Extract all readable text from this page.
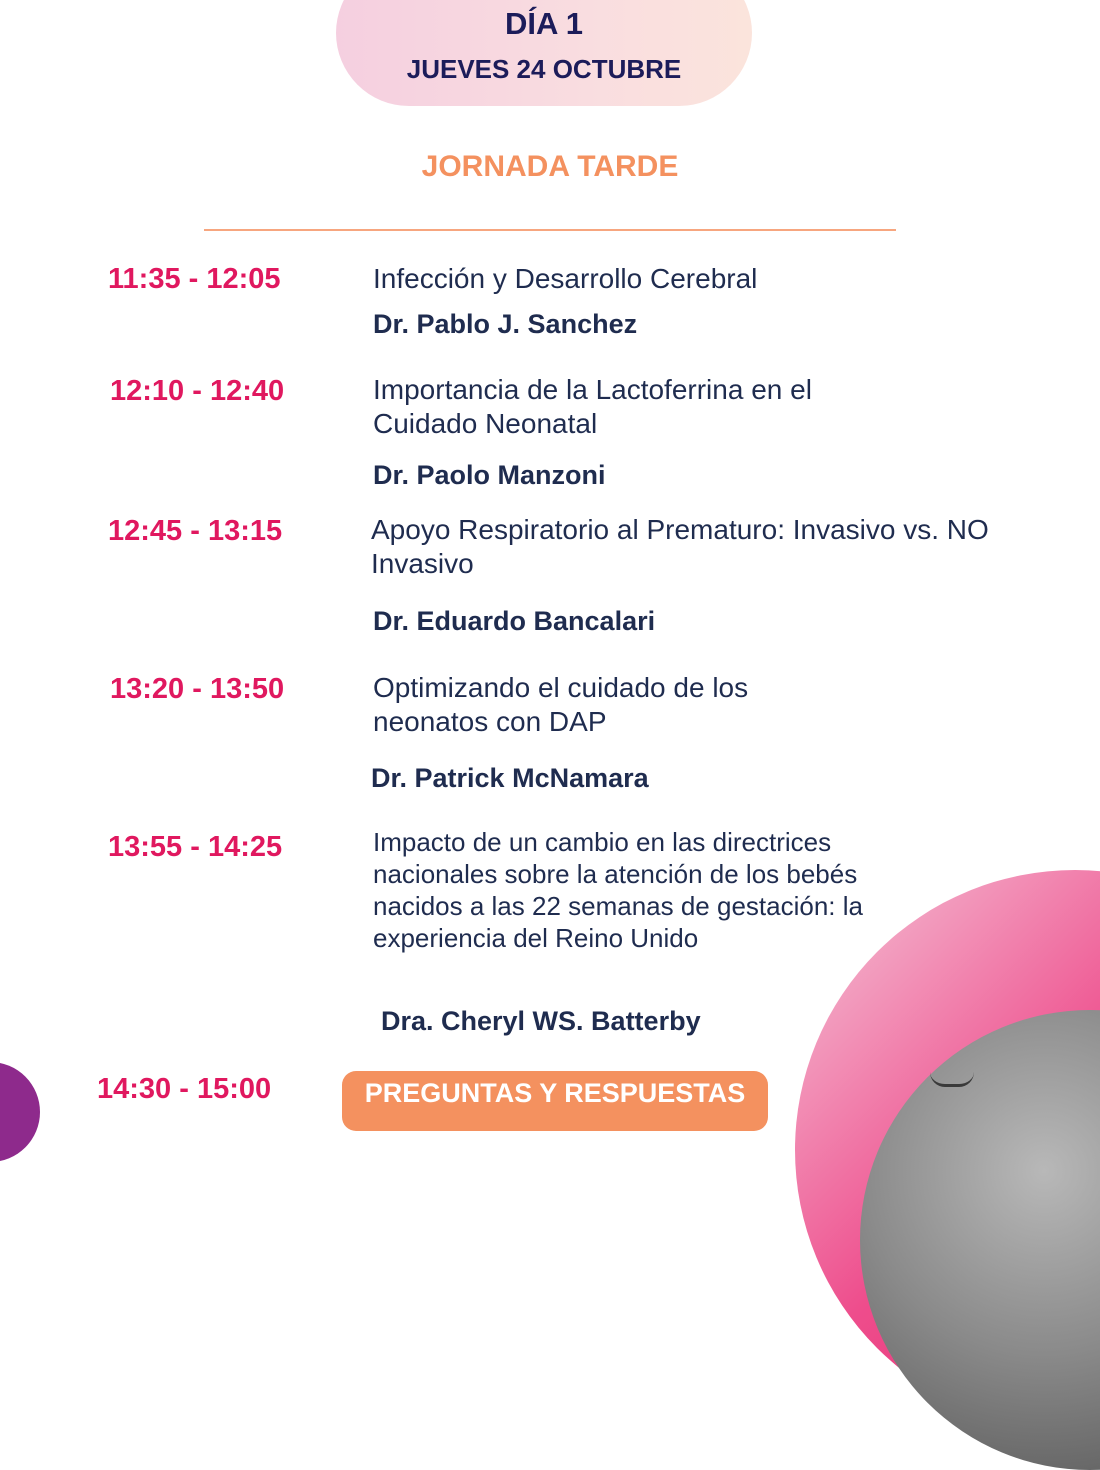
DÍA 1
JUEVES 24 OCTUBRE
JORNADA TARDE
11:35 - 12:05	Infección y Desarrollo Cerebral
Dr. Pablo J. Sanchez
12:10 - 12:40	Importancia de la Lactoferrina en el Cuidado Neonatal
Dr. Paolo Manzoni
12:45 - 13:15	Apoyo Respiratorio al Prematuro: Invasivo vs. NO Invasivo
Dr. Eduardo Bancalari
13:20 - 13:50	Optimizando el cuidado de los neonatos con DAP
Dr. Patrick McNamara
13:55 - 14:25	Impacto de un cambio en las directrices nacionales sobre la atención de los bebés nacidos a las 22 semanas de gestación: la experiencia del Reino Unido
Dra. Cheryl WS. Batterby
14:30 - 15:00	PREGUNTAS Y RESPUESTAS
